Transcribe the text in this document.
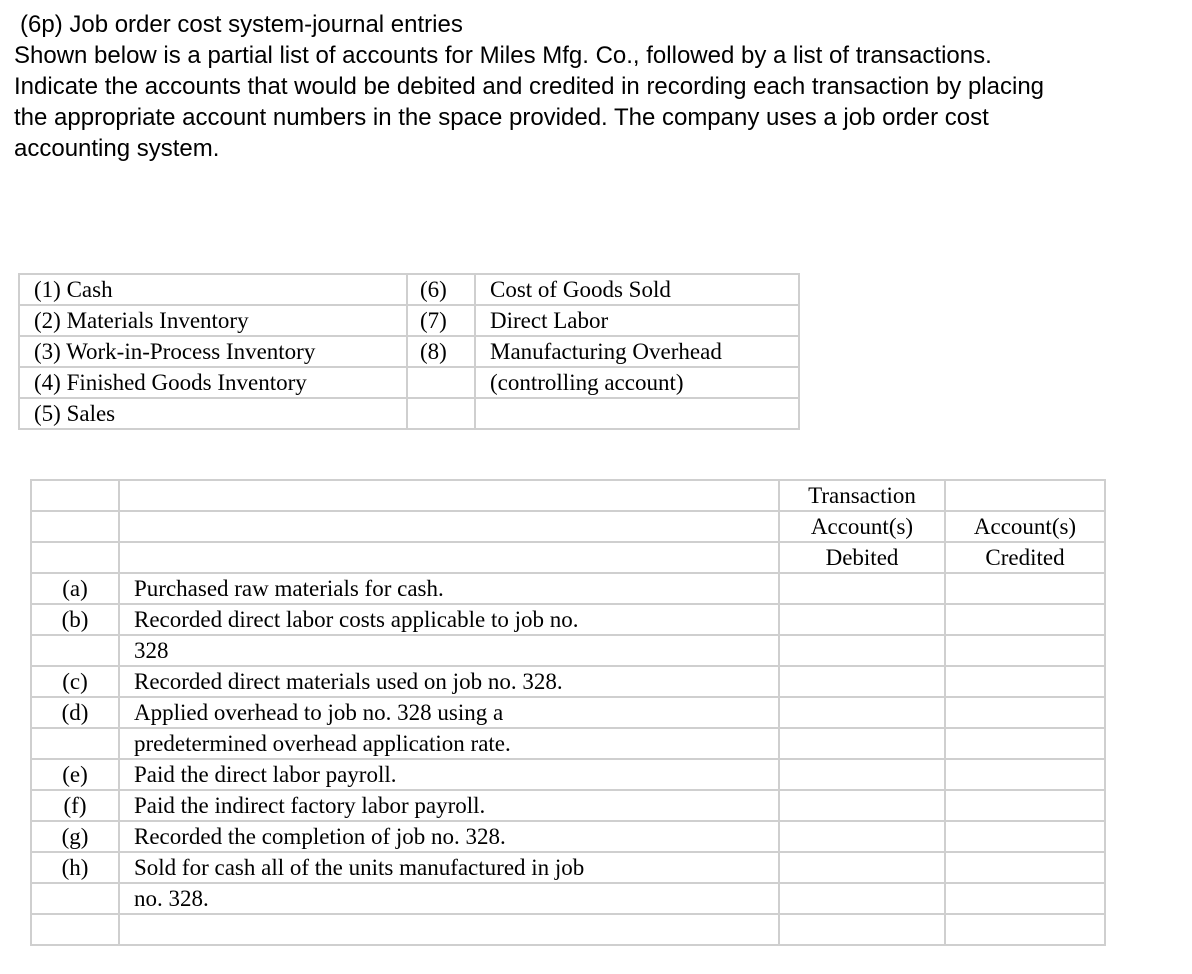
(6p) Job order cost system-journal entries
Shown below is a partial list of accounts for Miles Mfg. Co., followed by a list of transactions.
Indicate the accounts that would be debited and credited in recording each transaction by placing
the appropriate account numbers in the space provided. The company uses a job order cost
accounting system.
(1) Cash	(6)	Cost of Goods Sold
(2) Materials Inventory	(7)	Direct Labor
(3) Work-in-Process Inventory	(8)	Manufacturing Overhead
(4) Finished Goods Inventory		(controlling account)
(5) Sales		
		Transaction	
		Account(s)	Account(s)
		Debited	Credited
(a)	Purchased raw materials for cash.		
(b)	Recorded direct labor costs applicable to job no.		
	328		
(c)	Recorded direct materials used on job no. 328.		
(d)	Applied overhead to job no. 328 using a		
	predetermined overhead application rate.		
(e)	Paid the direct labor payroll.		
(f)	Paid the indirect factory labor payroll.		
(g)	Recorded the completion of job no. 328.		
(h)	Sold for cash all of the units manufactured in job		
	no. 328.		
